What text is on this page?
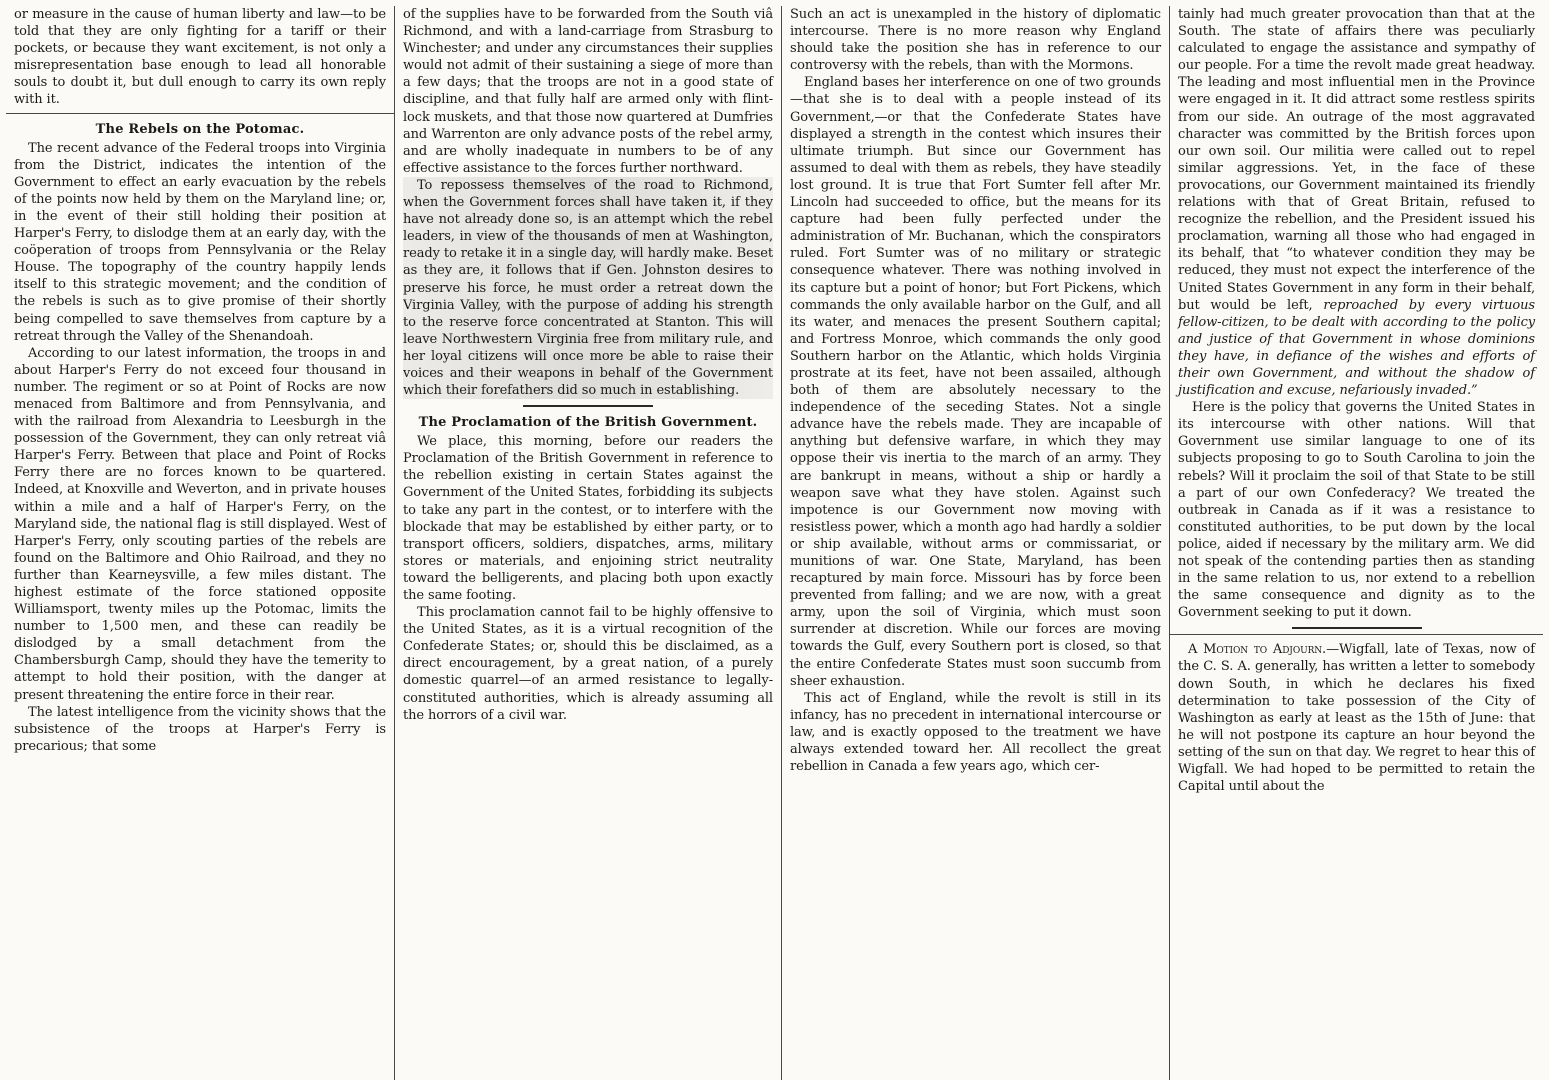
or measure in the cause of human liberty and law—to be told that they are only fighting for a tariff or their pockets, or because they want excitement, is not only a misrepresentation base enough to lead all honorable souls to doubt it, but dull enough to carry its own reply with it.

The Rebels on the Potomac.

The recent advance of the Federal troops into Virginia from the District, indicates the intention of the Government to effect an early evacuation by the rebels of the points now held by them on the Maryland line; or, in the event of their still holding their position at Harper's Ferry, to dislodge them at an early day, with the coöperation of troops from Pennsylvania or the Relay House. The topography of the country happily lends itself to this strategic movement; and the condition of the rebels is such as to give promise of their shortly being compelled to save themselves from capture by a retreat through the Valley of the Shenandoah.

According to our latest information, the troops in and about Harper's Ferry do not exceed four thousand in number. The regiment or so at Point of Rocks are now menaced from Baltimore and from Pennsylvania, and with the railroad from Alexandria to Leesburgh in the possession of the Government, they can only retreat viâ Harper's Ferry. Between that place and Point of Rocks Ferry there are no forces known to be quartered. Indeed, at Knoxville and Weverton, and in private houses within a mile and a half of Harper's Ferry, on the Maryland side, the national flag is still displayed. West of Harper's Ferry, only scouting parties of the rebels are found on the Baltimore and Ohio Railroad, and they no further than Kearneysville, a few miles distant. The highest estimate of the force stationed opposite Williamsport, twenty miles up the Potomac, limits the number to 1,500 men, and these can readily be dislodged by a small detachment from the Chambersburgh Camp, should they have the temerity to attempt to hold their position, with the danger at present threatening the entire force in their rear.

The latest intelligence from the vicinity shows that the subsistence of the troops at Harper's Ferry is precarious; that some

of the supplies have to be forwarded from the South viâ Richmond, and with a land-carriage from Strasburg to Winchester; and under any circumstances their supplies would not admit of their sustaining a siege of more than a few days; that the troops are not in a good state of discipline, and that fully half are armed only with flint-lock muskets, and that those now quartered at Dumfries and Warrenton are only advance posts of the rebel army, and are wholly inadequate in numbers to be of any effective assistance to the forces further northward.

To repossess themselves of the road to Richmond, when the Government forces shall have taken it, if they have not already done so, is an attempt which the rebel leaders, in view of the thousands of men at Washington, ready to retake it in a single day, will hardly make. Beset as they are, it follows that if Gen. Johnston desires to preserve his force, he must order a retreat down the Virginia Valley, with the purpose of adding his strength to the reserve force concentrated at Stanton. This will leave Northwestern Virginia free from military rule, and her loyal citizens will once more be able to raise their voices and their weapons in behalf of the Government which their forefathers did so much in establishing.

The Proclamation of the British Government.

We place, this morning, before our readers the Proclamation of the British Government in reference to the rebellion existing in certain States against the Government of the United States, forbidding its subjects to take any part in the contest, or to interfere with the blockade that may be established by either party, or to transport officers, soldiers, dispatches, arms, military stores or materials, and enjoining strict neutrality toward the belligerents, and placing both upon exactly the same footing.

This proclamation cannot fail to be highly offensive to the United States, as it is a virtual recognition of the Confederate States; or, should this be disclaimed, as a direct encouragement, by a great nation, of a purely domestic quarrel—of an armed resistance to legally-constituted authorities, which is already assuming all the horrors of a civil war.

Such an act is unexampled in the history of diplomatic intercourse. There is no more reason why England should take the position she has in reference to our controversy with the rebels, than with the Mormons.

England bases her interference on one of two grounds—that she is to deal with a people instead of its Government,—or that the Confederate States have displayed a strength in the contest which insures their ultimate triumph. But since our Government has assumed to deal with them as rebels, they have steadily lost ground. It is true that Fort Sumter fell after Mr. Lincoln had succeeded to office, but the means for its capture had been fully perfected under the administration of Mr. Buchanan, which the conspirators ruled. Fort Sumter was of no military or strategic consequence whatever. There was nothing involved in its capture but a point of honor; but Fort Pickens, which commands the only available harbor on the Gulf, and all its water, and menaces the present Southern capital; and Fortress Monroe, which commands the only good Southern harbor on the Atlantic, which holds Virginia prostrate at its feet, have not been assailed, although both of them are absolutely necessary to the independence of the seceding States. Not a single advance have the rebels made. They are incapable of anything but defensive warfare, in which they may oppose their vis inertia to the march of an army. They are bankrupt in means, without a ship or hardly a weapon save what they have stolen. Against such impotence is our Government now moving with resistless power, which a month ago had hardly a soldier or ship available, without arms or commissariat, or munitions of war. One State, Maryland, has been recaptured by main force. Missouri has by force been prevented from falling; and we are now, with a great army, upon the soil of Virginia, which must soon surrender at discretion. While our forces are moving towards the Gulf, every Southern port is closed, so that the entire Confederate States must soon succumb from sheer exhaustion.

This act of England, while the revolt is still in its infancy, has no precedent in international intercourse or law, and is exactly opposed to the treatment we have always extended toward her. All recollect the great rebellion in Canada a few years ago, which cer-

tainly had much greater provocation than that at the South. The state of affairs there was peculiarly calculated to engage the assistance and sympathy of our people. For a time the revolt made great headway. The leading and most influential men in the Province were engaged in it. It did attract some restless spirits from our side. An outrage of the most aggravated character was committed by the British forces upon our own soil. Our militia were called out to repel similar aggressions. Yet, in the face of these provocations, our Government maintained its friendly relations with that of Great Britain, refused to recognize the rebellion, and the President issued his proclamation, warning all those who had engaged in its behalf, that “to whatever condition they may be reduced, they must not expect the interference of the United States Government in any form in their behalf, but would be left, reproached by every virtuous fellow-citizen, to be dealt with according to the policy and justice of that Government in whose dominions they have, in defiance of the wishes and efforts of their own Government, and without the shadow of justification and excuse, nefariously invaded.”

Here is the policy that governs the United States in its intercourse with other nations. Will that Government use similar language to one of its subjects proposing to go to South Carolina to join the rebels? Will it proclaim the soil of that State to be still a part of our own Confederacy? We treated the outbreak in Canada as if it was a resistance to constituted authorities, to be put down by the local police, aided if necessary by the military arm. We did not speak of the contending parties then as standing in the same relation to us, nor extend to a rebellion the same consequence and dignity as to the Government seeking to put it down.

A Motion to Adjourn.—Wigfall, late of Texas, now of the C. S. A. generally, has written a letter to somebody down South, in which he declares his fixed determination to take possession of the City of Washington as early at least as the 15th of June: that he will not postpone its capture an hour beyond the setting of the sun on that day. We regret to hear this of Wigfall. We had hoped to be permitted to retain the Capital until about the
